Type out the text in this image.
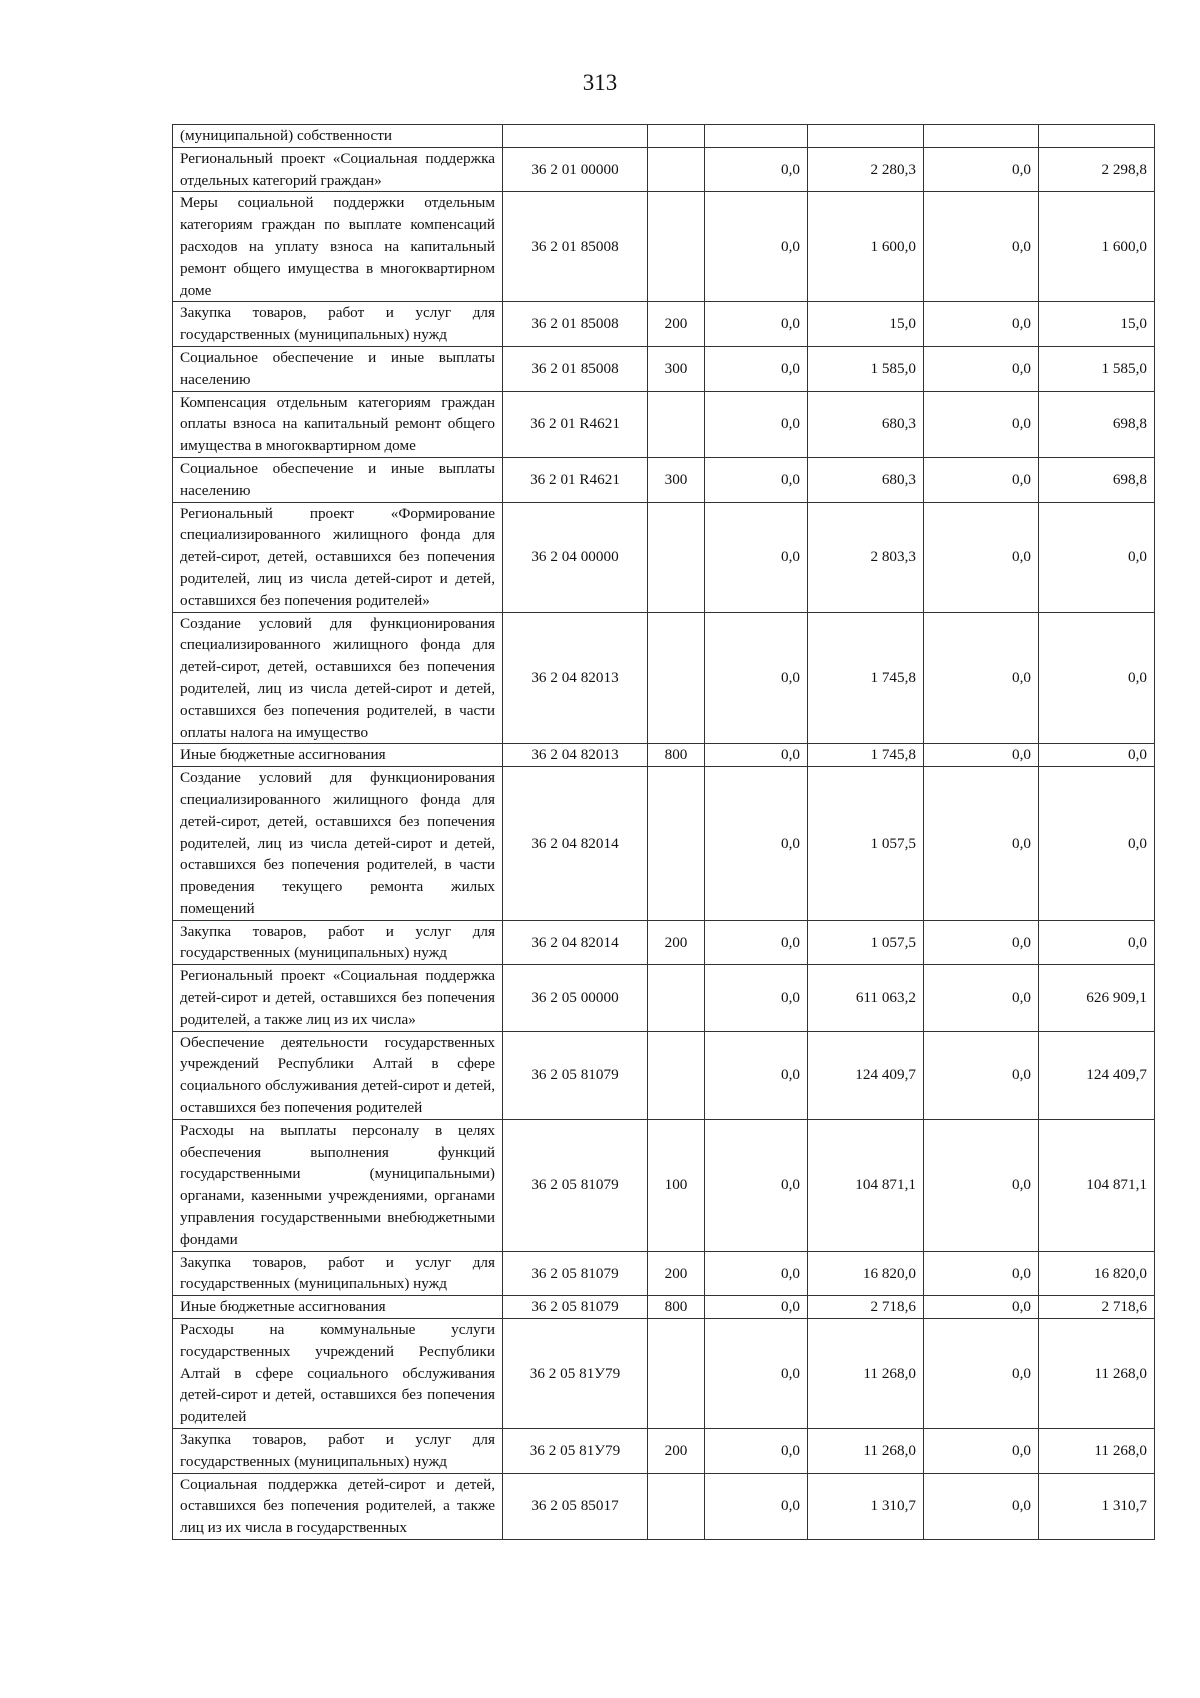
313
(муниципальной) собственности						
Региональный проект «Социальная поддержка отдельных категорий граждан»	36 2 01 00000		0,0	2 280,3	0,0	2 298,8
Меры социальной поддержки отдельным категориям граждан по выплате компенсаций расходов на уплату взноса на капитальный ремонт общего имущества в многоквартирном доме	36 2 01 85008		0,0	1 600,0	0,0	1 600,0
Закупка товаров, работ и услуг для государственных (муниципальных) нужд	36 2 01 85008	200	0,0	15,0	0,0	15,0
Социальное обеспечение и иные выплаты населению	36 2 01 85008	300	0,0	1 585,0	0,0	1 585,0
Компенсация отдельным категориям граждан оплаты взноса на капитальный ремонт общего имущества в многоквартирном доме	36 2 01 R4621		0,0	680,3	0,0	698,8
Социальное обеспечение и иные выплаты населению	36 2 01 R4621	300	0,0	680,3	0,0	698,8
Региональный проект «Формирование специализированного жилищного фонда для детей-сирот, детей, оставшихся без попечения родителей, лиц из числа детей-сирот и детей, оставшихся без попечения родителей»	36 2 04 00000		0,0	2 803,3	0,0	0,0
Создание условий для функционирования специализированного жилищного фонда для детей-сирот, детей, оставшихся без попечения родителей, лиц из числа детей-сирот и детей, оставшихся без попечения родителей, в части оплаты налога на имущество	36 2 04 82013		0,0	1 745,8	0,0	0,0
Иные бюджетные ассигнования	36 2 04 82013	800	0,0	1 745,8	0,0	0,0
Создание условий для функционирования специализированного жилищного фонда для детей-сирот, детей, оставшихся без попечения родителей, лиц из числа детей-сирот и детей, оставшихся без попечения родителей, в части проведения текущего ремонта жилых помещений	36 2 04 82014		0,0	1 057,5	0,0	0,0
Закупка товаров, работ и услуг для государственных (муниципальных) нужд	36 2 04 82014	200	0,0	1 057,5	0,0	0,0
Региональный проект «Социальная поддержка детей-сирот и детей, оставшихся без попечения родителей, а также лиц из их числа»	36 2 05 00000		0,0	611 063,2	0,0	626 909,1
Обеспечение деятельности государственных учреждений Республики Алтай в сфере социального обслуживания детей-сирот и детей, оставшихся без попечения родителей	36 2 05 81079		0,0	124 409,7	0,0	124 409,7
Расходы на выплаты персоналу в целях обеспечения выполнения функций государственными (муниципальными) органами, казенными учреждениями, органами управления государственными внебюджетными фондами	36 2 05 81079	100	0,0	104 871,1	0,0	104 871,1
Закупка товаров, работ и услуг для государственных (муниципальных) нужд	36 2 05 81079	200	0,0	16 820,0	0,0	16 820,0
Иные бюджетные ассигнования	36 2 05 81079	800	0,0	2 718,6	0,0	2 718,6
Расходы на коммунальные услуги государственных учреждений Республики Алтай в сфере социального обслуживания детей-сирот и детей, оставшихся без попечения родителей	36 2 05 81У79		0,0	11 268,0	0,0	11 268,0
Закупка товаров, работ и услуг для государственных (муниципальных) нужд	36 2 05 81У79	200	0,0	11 268,0	0,0	11 268,0
Социальная поддержка детей-сирот и детей, оставшихся без попечения родителей, а также лиц из их числа в государственных	36 2 05 85017		0,0	1 310,7	0,0	1 310,7
